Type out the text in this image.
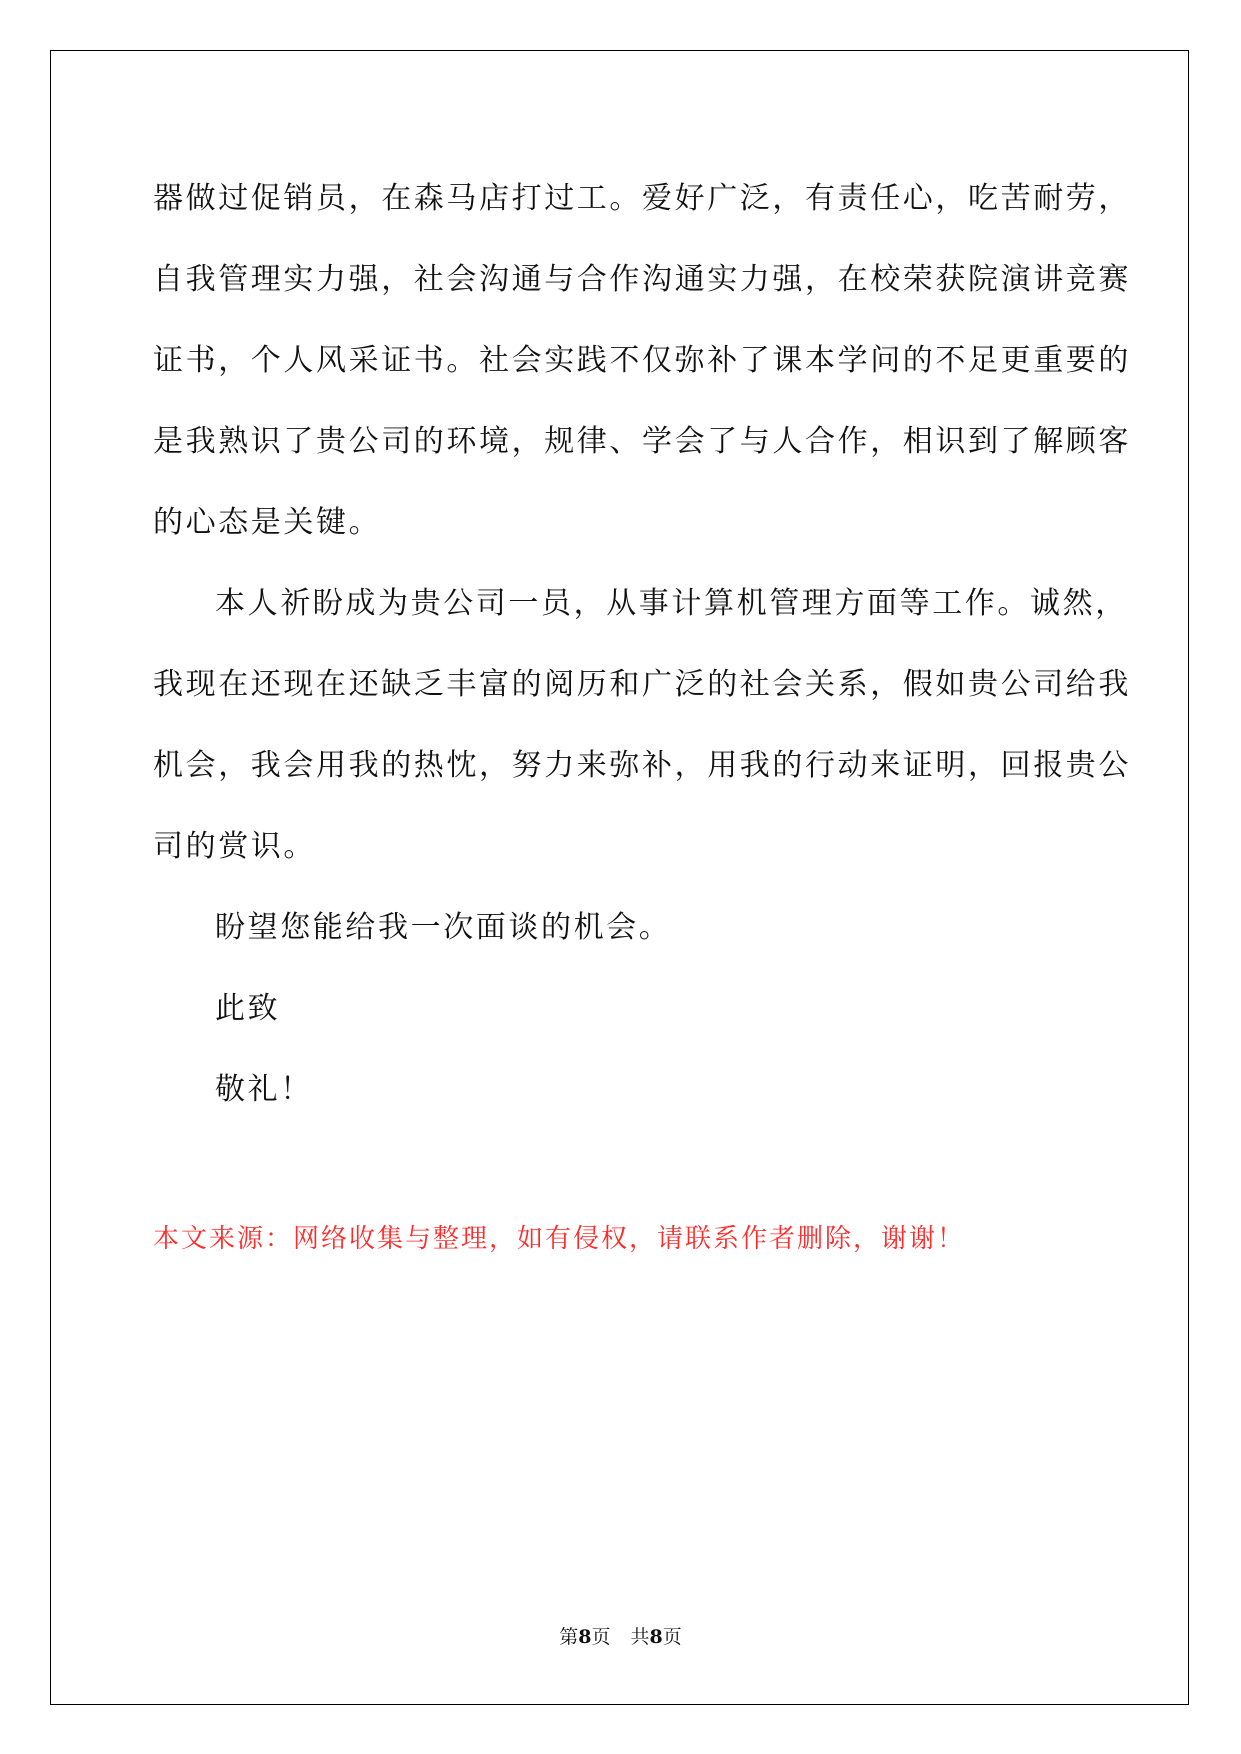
器做过促销员，在森马店打过工。爱好广泛，有责任心，吃苦耐劳，
自我管理实力强，社会沟通与合作沟通实力强，在校荣获院演讲竞赛
证书，个人风采证书。社会实践不仅弥补了课本学问的不足更重要的
是我熟识了贵公司的环境，规律、学会了与人合作，相识到了解顾客
的心态是关键。

本人祈盼成为贵公司一员，从事计算机管理方面等工作。诚然，
我现在还现在还缺乏丰富的阅历和广泛的社会关系，假如贵公司给我
机会，我会用我的热忱，努力来弥补，用我的行动来证明，回报贵公
司的赏识。

盼望您能给我一次面谈的机会。

此致

敬礼！

本文来源：网络收集与整理，如有侵权，请联系作者删除，谢谢！

第8页 共8页
